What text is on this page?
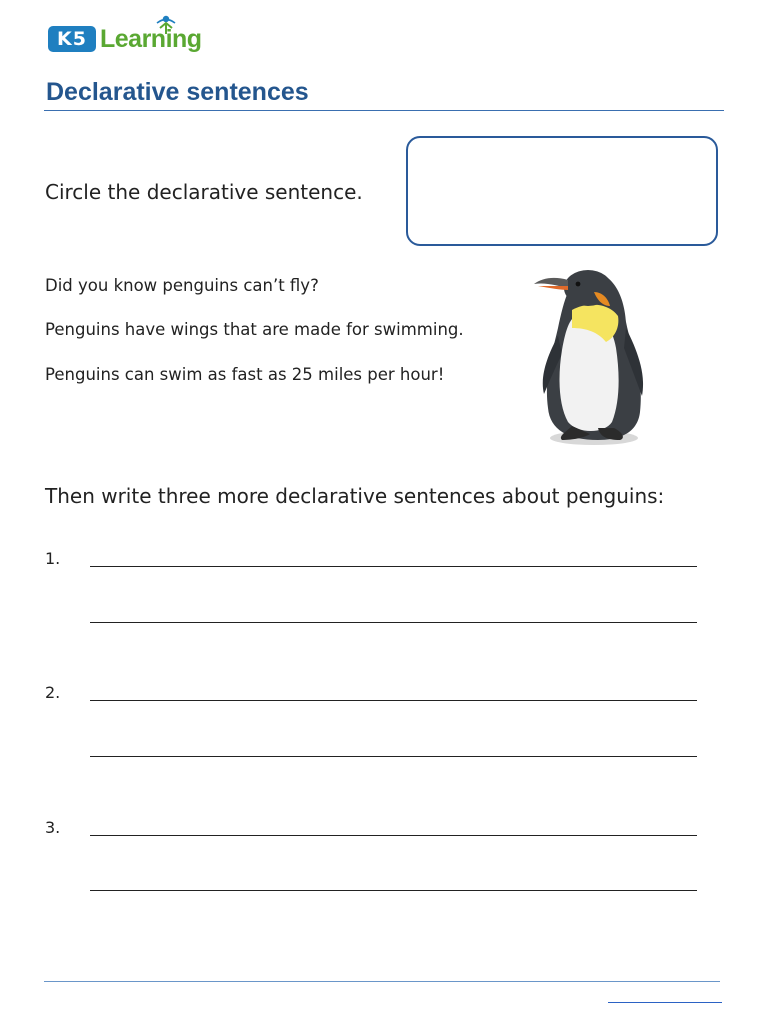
K5 Learning
Declarative sentences
Circle the declarative sentence.
Did you know penguins can’t fly?
Penguins have wings that are made for swimming.
Penguins can swim as fast as 25 miles per hour!
Then write three more declarative sentences about penguins:
1.
2.
3.
